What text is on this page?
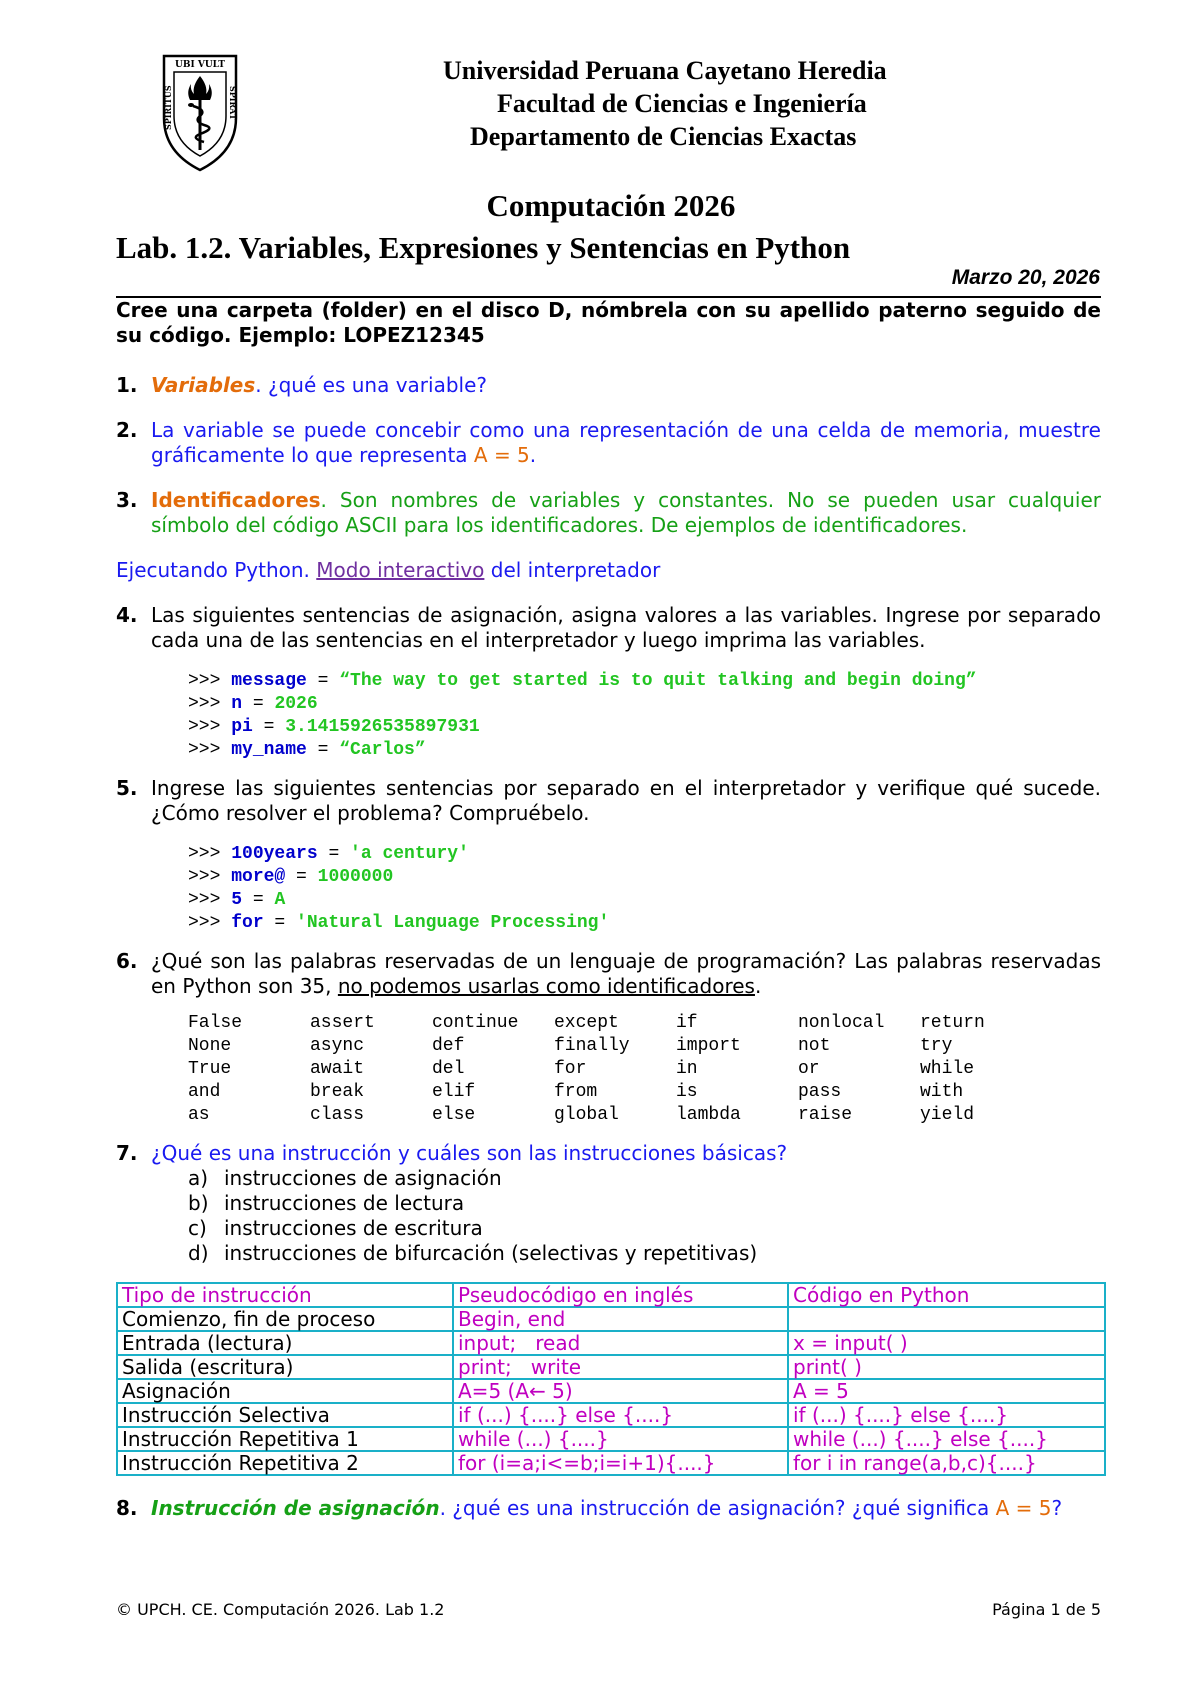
UBI VULT
SPIRITUS	SPIRAT
Universidad Peruana Cayetano Heredia
Facultad de Ciencias e Ingeniería
Departamento de Ciencias Exactas
Computación 2026
Lab. 1.2. Variables, Expresiones y Sentencias en Python
Marzo 20, 2026

Cree una carpeta (folder) en el disco D, nómbrela con su apellido paterno seguido de su código. Ejemplo: LOPEZ12345

1. Variables. ¿qué es una variable?
2. La variable se puede concebir como una representación de una celda de memoria, muestre gráficamente lo que representa A = 5.
3. Identificadores. Son nombres de variables y constantes. No se pueden usar cualquier símbolo del código ASCII para los identificadores. De ejemplos de identificadores.
Ejecutando Python. Modo interactivo del interpretador
4. Las siguientes sentencias de asignación, asigna valores a las variables. Ingrese por separado cada una de las sentencias en el interpretador y luego imprima las variables.
>>> message = “The way to get started is to quit talking and begin doing”
>>> n = 2026
>>> pi = 3.14159265358979​31
>>> my_name = “Carlos”
5. Ingrese las siguientes sentencias por separado en el interpretador y verifique qué sucede. ¿Cómo resolver el problema? Compruébelo.
>>> 100years = 'a century'
>>> more@ = 1000000
>>> 5 = A
>>> for = 'Natural Language Processing'
6. ¿Qué son las palabras reservadas de un lenguaje de programación? Las palabras reservadas en Python son 35, no podemos usarlas como identificadores.
False	assert	continue	except	if	nonlocal	return
None	async	def	finally	import	not	try
True	await	del	for	in	or	while
and	break	elif	from	is	pass	with
as	class	else	global	lambda	raise	yield
7. ¿Qué es una instrucción y cuáles son las instrucciones básicas?
a) instrucciones de asignación
b) instrucciones de lectura
c) instrucciones de escritura
d) instrucciones de bifurcación (selectivas y repetitivas)
Tipo de instrucción	Pseudocódigo en inglés	Código en Python
Comienzo, fin de proceso	Begin, end	
Entrada (lectura)	input;   read	x = input( )
Salida (escritura)	print;   write	print( )
Asignación	A=5 (A← 5)	A = 5
Instrucción Selectiva	if (...) {....} else {....}	if (...) {....} else {....}
Instrucción Repetitiva 1	while (...) {....}	while (...) {....} else {....}
Instrucción Repetitiva 2	for (i=a;i<=b;i=i+1){....}	for i in range(a,b,c){....}
8. Instrucción de asignación. ¿qué es una instrucción de asignación? ¿qué significa A = 5?
© UPCH. CE. Computación 2026. Lab 1.2	Página 1 de 5
